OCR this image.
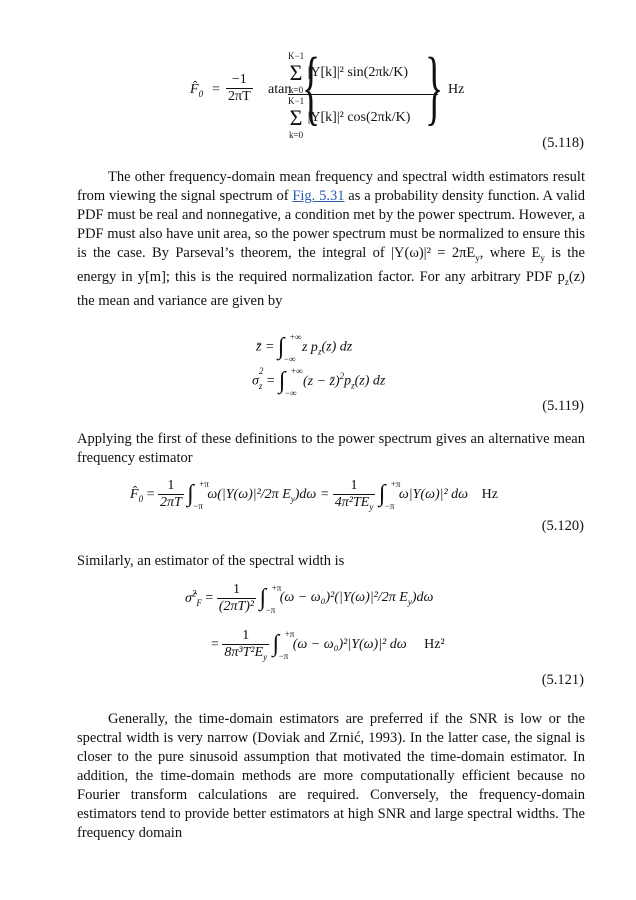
$F̂_0 = \frac{-1}{2\pi T}$ atan {
K−1
Σ
k=0
|Y[k]|² sin(2πk/K)
K−1
Σ
k=0
|Y[k]|² cos(2πk/K) } Hz
(5.118)

The other frequency-domain mean frequency and spectral width estimators result from viewing the signal spectrum of Fig. 5.31 as a probability density function. A valid PDF must be real and nonnegative, a condition met by the power spectrum. However, a PDF must also have unit area, so the power spectrum must be normalized to ensure this is the case. By Parseval’s theorem, the integral of $|Y(\omega)|^2 = 2\pi E_y$, where $E_y$ is the energy in y[m]; this is the required normalization factor. For any arbitrary PDF $p_z(z)$ the mean and variance are given by

z̄ = ∫ +∞
−∞
z $p_z(z)$ dz
σ
2
$_z$ = ∫ +∞
−∞
$(z - z̄)^2p_z(z)$ dz
(5.119)

Applying the first of these definitions to the power spectrum gives an alternative mean frequency estimator

$F̂_0 = \frac{1}{2\pi T}$ ∫ +π
−π
ω(|Y(ω)|²/2π $E_y)d\omega = \frac{1}{4\pi^2TE_y}$ ∫ +π
−π
ω|Y(ω)|² dω Hz
(5.120)

Similarly, an estimator of the spectral width is

σ̂$^2_F$ = $\frac{1}{\text{(2πT)²}}$ ∫ +π
−π
(ω − ω₀)²(|Y(ω)|²/2π $E_y)d\omega$
= $\frac{1}{8\pi^3T^2E_y}$ ∫ +π
−π
(ω − ω₀)²|Y(ω)|² dω Hz²
(5.121)

Generally, the time-domain estimators are preferred if the SNR is low or the spectral width is very narrow (Doviak and Zrnić, 1993). In the latter case, the signal is closer to the pure sinusoid assumption that motivated the time-domain estimator. In addition, the time-domain methods are more computationally efficient because no Fourier transform calculations are required. Conversely, the frequency-domain estimators tend to provide better estimators at high SNR and large spectral widths. The frequency domain
